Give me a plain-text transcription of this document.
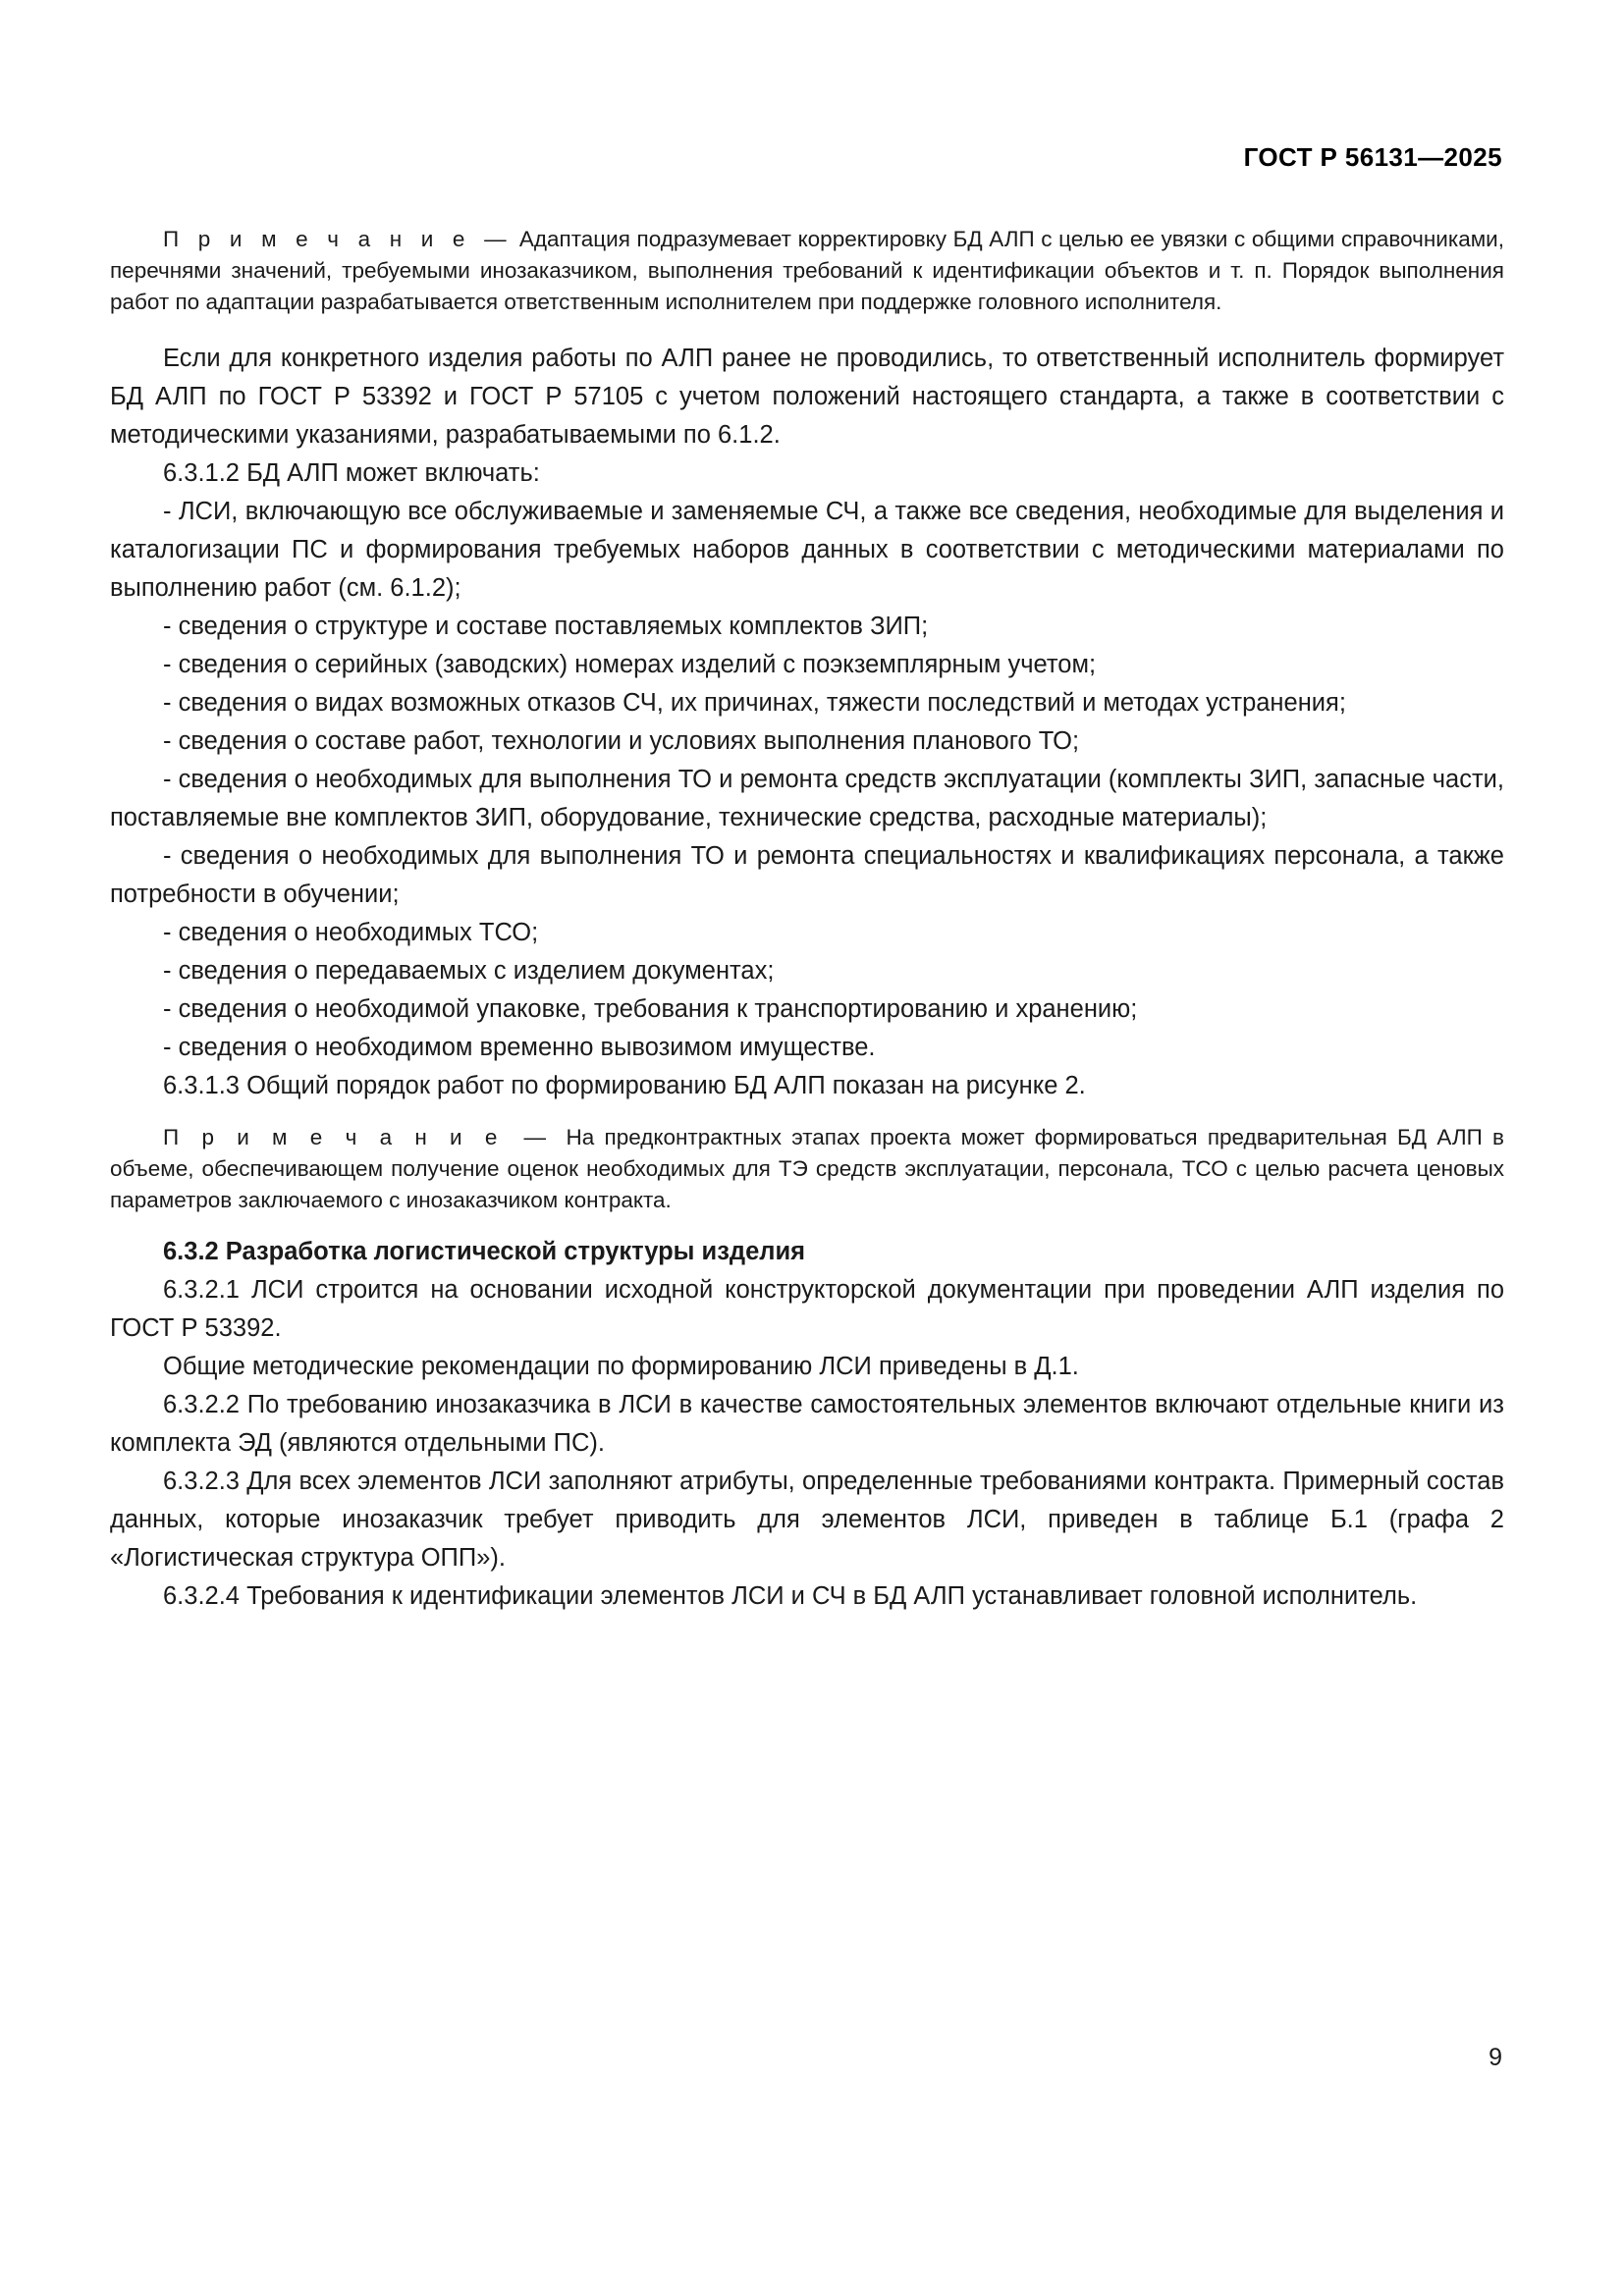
ГОСТ Р 56131—2025

П р и м е ч а н и е  —  Адаптация подразумевает корректировку БД АЛП с целью ее увязки с общими справочниками, перечнями значений, требуемыми инозаказчиком, выполнения требований к идентификации объектов и т. п. Порядок выполнения работ по адаптации разрабатывается ответственным исполнителем при поддержке головного исполнителя.

Если для конкретного изделия работы по АЛП ранее не проводились, то ответственный исполнитель формирует БД АЛП по ГОСТ Р 53392 и ГОСТ Р 57105 с учетом положений настоящего стандарта, а также в соответствии с методическими указаниями, разрабатываемыми по 6.1.2.

6.3.1.2 БД АЛП может включать:

- ЛСИ, включающую все обслуживаемые и заменяемые СЧ, а также все сведения, необходимые для выделения и каталогизации ПС и формирования требуемых наборов данных в соответствии с методическими материалами по выполнению работ (см. 6.1.2);

- сведения о структуре и составе поставляемых комплектов ЗИП;

- сведения о серийных (заводских) номерах изделий с поэкземплярным учетом;

- сведения о видах возможных отказов СЧ, их причинах, тяжести последствий и методах устранения;

- сведения о составе работ, технологии и условиях выполнения планового ТО;

- сведения о необходимых для выполнения ТО и ремонта средств эксплуатации (комплекты ЗИП, запасные части, поставляемые вне комплектов ЗИП, оборудование, технические средства, расходные материалы);

- сведения о необходимых для выполнения ТО и ремонта специальностях и квалификациях персонала, а также потребности в обучении;

- сведения о необходимых ТСО;

- сведения о передаваемых с изделием документах;

- сведения о необходимой упаковке, требования к транспортированию и хранению;

- сведения о необходимом временно вывозимом имуществе.

6.3.1.3 Общий порядок работ по формированию БД АЛП показан на рисунке 2.

П р и м е ч а н и е  —  На предконтрактных этапах проекта может формироваться предварительная БД АЛП в объеме, обеспечивающем получение оценок необходимых для ТЭ средств эксплуатации, персонала, ТСО с целью расчета ценовых параметров заключаемого с инозаказчиком контракта.

6.3.2 Разработка логистической структуры изделия

6.3.2.1 ЛСИ строится на основании исходной конструкторской документации при проведении АЛП изделия по ГОСТ Р 53392.

Общие методические рекомендации по формированию ЛСИ приведены в Д.1.

6.3.2.2 По требованию инозаказчика в ЛСИ в качестве самостоятельных элементов включают отдельные книги из комплекта ЭД (являются отдельными ПС).

6.3.2.3 Для всех элементов ЛСИ заполняют атрибуты, определенные требованиями контракта. Примерный состав данных, которые инозаказчик требует приводить для элементов ЛСИ, приведен в таблице Б.1 (графа 2 «Логистическая структура ОПП»).

6.3.2.4 Требования к идентификации элементов ЛСИ и СЧ в БД АЛП устанавливает головной исполнитель.

9
